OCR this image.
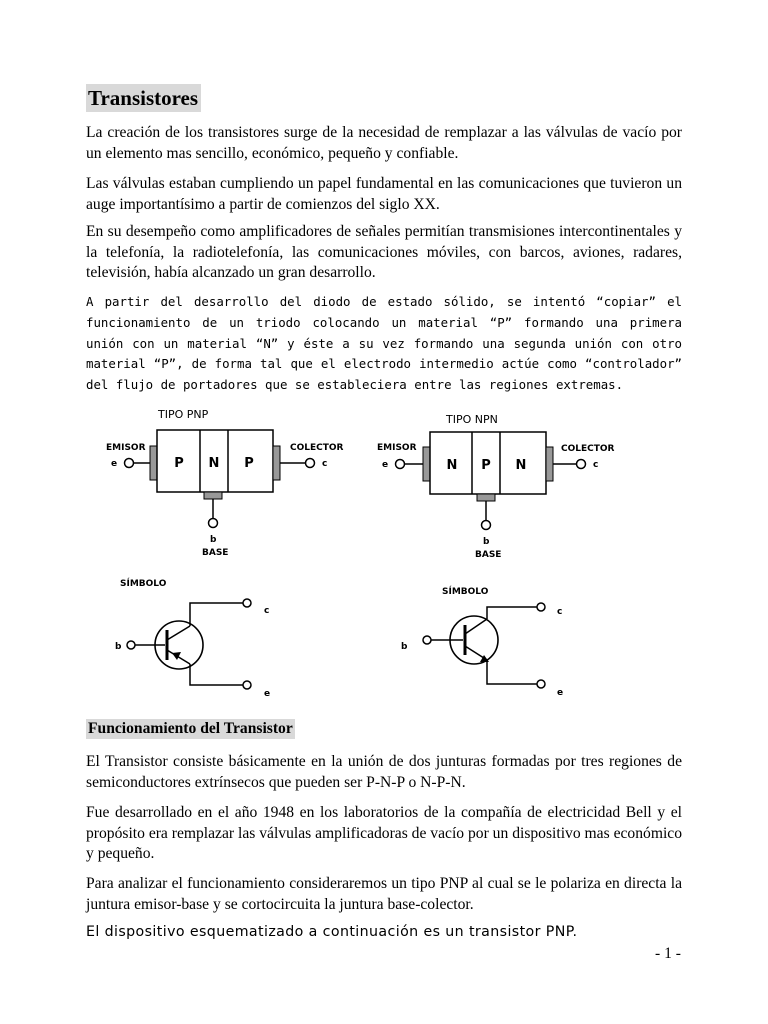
Transistores

La creación de los transistores surge de la necesidad de remplazar a las válvulas de vacío por un elemento mas sencillo, económico, pequeño y confiable.

Las válvulas estaban cumpliendo un papel fundamental en las comunicaciones que tuvieron un auge importantísimo a partir de comienzos del siglo XX.

En su desempeño como amplificadores de señales permitían transmisiones intercontinentales y la telefonía, la radiotelefonía, las comunicaciones móviles, con barcos, aviones, radares, televisión, había alcanzado un gran desarrollo.

A partir del desarrollo del diodo de estado sólido, se intentó “copiar” el funcionamiento de un triodo colocando un material “P” formando una primera unión con un material “N” y éste a su vez formando una segunda unión con otro material “P”, de forma tal que el electrodo intermedio actúe como “controlador” del flujo de portadores que se estableciera entre las regiones extremas.

TIPO PNP
EMISOR
e	P N P
COLECTOR
c
b
BASE
TIPO NPN
EMISOR
e	N P N
COLECTOR
c
b
BASE
SÍMBOLO
b
c
e
SÍMBOLO
b
c
e
Funcionamiento del Transistor

El Transistor consiste básicamente en la unión de dos junturas formadas por tres regiones de semiconductores extrínsecos que pueden ser P-N-P o N-P-N.

Fue desarrollado en el año 1948 en los laboratorios de la compañía de electricidad Bell y el propósito era remplazar las válvulas amplificadoras de vacío por un dispositivo mas económico y pequeño.

Para analizar el funcionamiento consideraremos un tipo PNP al cual se le polariza en directa la juntura emisor-base y se cortocircuita la juntura base-colector.

El dispositivo esquematizado a continuación es un transistor PNP.
- 1 -
